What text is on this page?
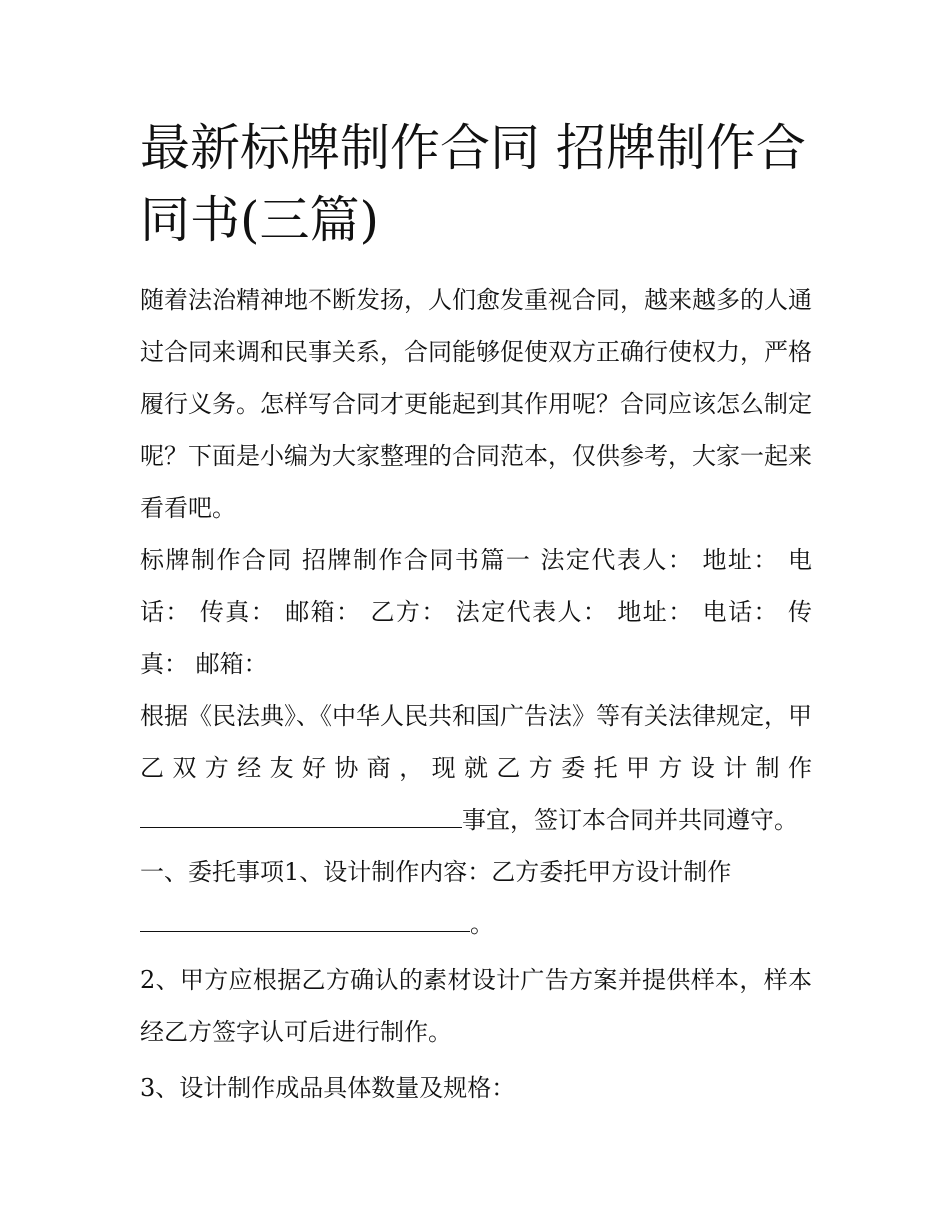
最新标牌制作合同 招牌制作合同书(三篇)

随着法治精神地不断发扬，人们愈发重视合同，越来越多的人通过合同来调和民事关系，合同能够促使双方正确行使权力，严格履行义务。怎样写合同才更能起到其作用呢？合同应该怎么制定呢？下面是小编为大家整理的合同范本，仅供参考，大家一起来看看吧。

标牌制作合同 招牌制作合同书篇一 法定代表人： 地址： 电话： 传真： 邮箱： 乙方： 法定代表人： 地址： 电话： 传真： 邮箱：

根据《民法典》、《中华人民共和国广告法》等有关法律规定，甲乙双方经友好协商，现就乙方委托甲方设计制作事宜，签订本合同并共同遵守。

一、委托事项1、设计制作内容：乙方委托甲方设计制作
。

2、甲方应根据乙方确认的素材设计广告方案并提供样本，样本经乙方签字认可后进行制作。

3、设计制作成品具体数量及规格：
